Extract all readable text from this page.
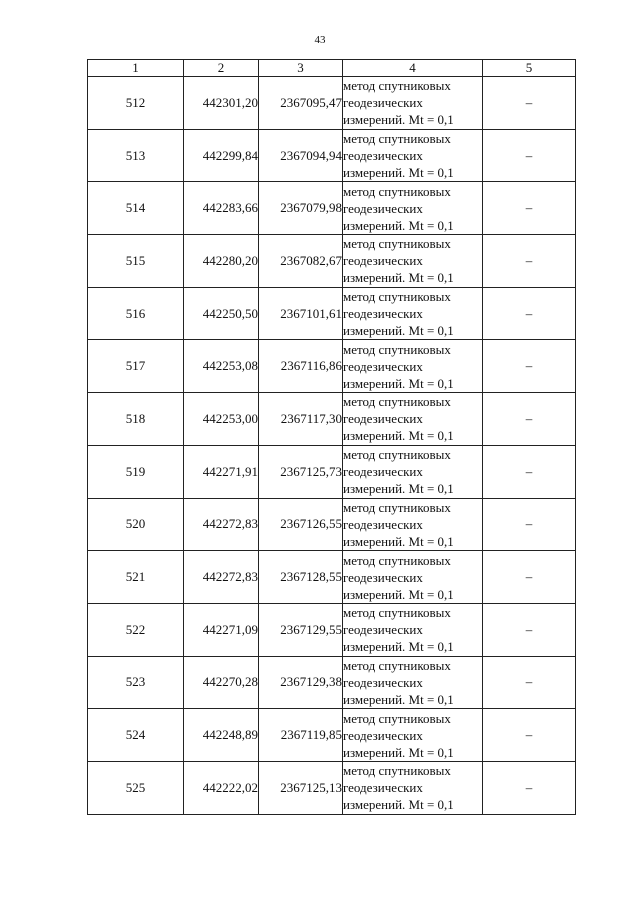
43
1	2	3	4	5
512	442301,20	2367095,47	метод спутниковых геодезических измерений. Mt = 0,1	–
513	442299,84	2367094,94	метод спутниковых геодезических измерений. Mt = 0,1	–
514	442283,66	2367079,98	метод спутниковых геодезических измерений. Mt = 0,1	–
515	442280,20	2367082,67	метод спутниковых геодезических измерений. Mt = 0,1	–
516	442250,50	2367101,61	метод спутниковых геодезических измерений. Mt = 0,1	–
517	442253,08	2367116,86	метод спутниковых геодезических измерений. Mt = 0,1	–
518	442253,00	2367117,30	метод спутниковых геодезических измерений. Mt = 0,1	–
519	442271,91	2367125,73	метод спутниковых геодезических измерений. Mt = 0,1	–
520	442272,83	2367126,55	метод спутниковых геодезических измерений. Mt = 0,1	–
521	442272,83	2367128,55	метод спутниковых геодезических измерений. Mt = 0,1	–
522	442271,09	2367129,55	метод спутниковых геодезических измерений. Mt = 0,1	–
523	442270,28	2367129,38	метод спутниковых геодезических измерений. Mt = 0,1	–
524	442248,89	2367119,85	метод спутниковых геодезических измерений. Mt = 0,1	–
525	442222,02	2367125,13	метод спутниковых геодезических измерений. Mt = 0,1	–
